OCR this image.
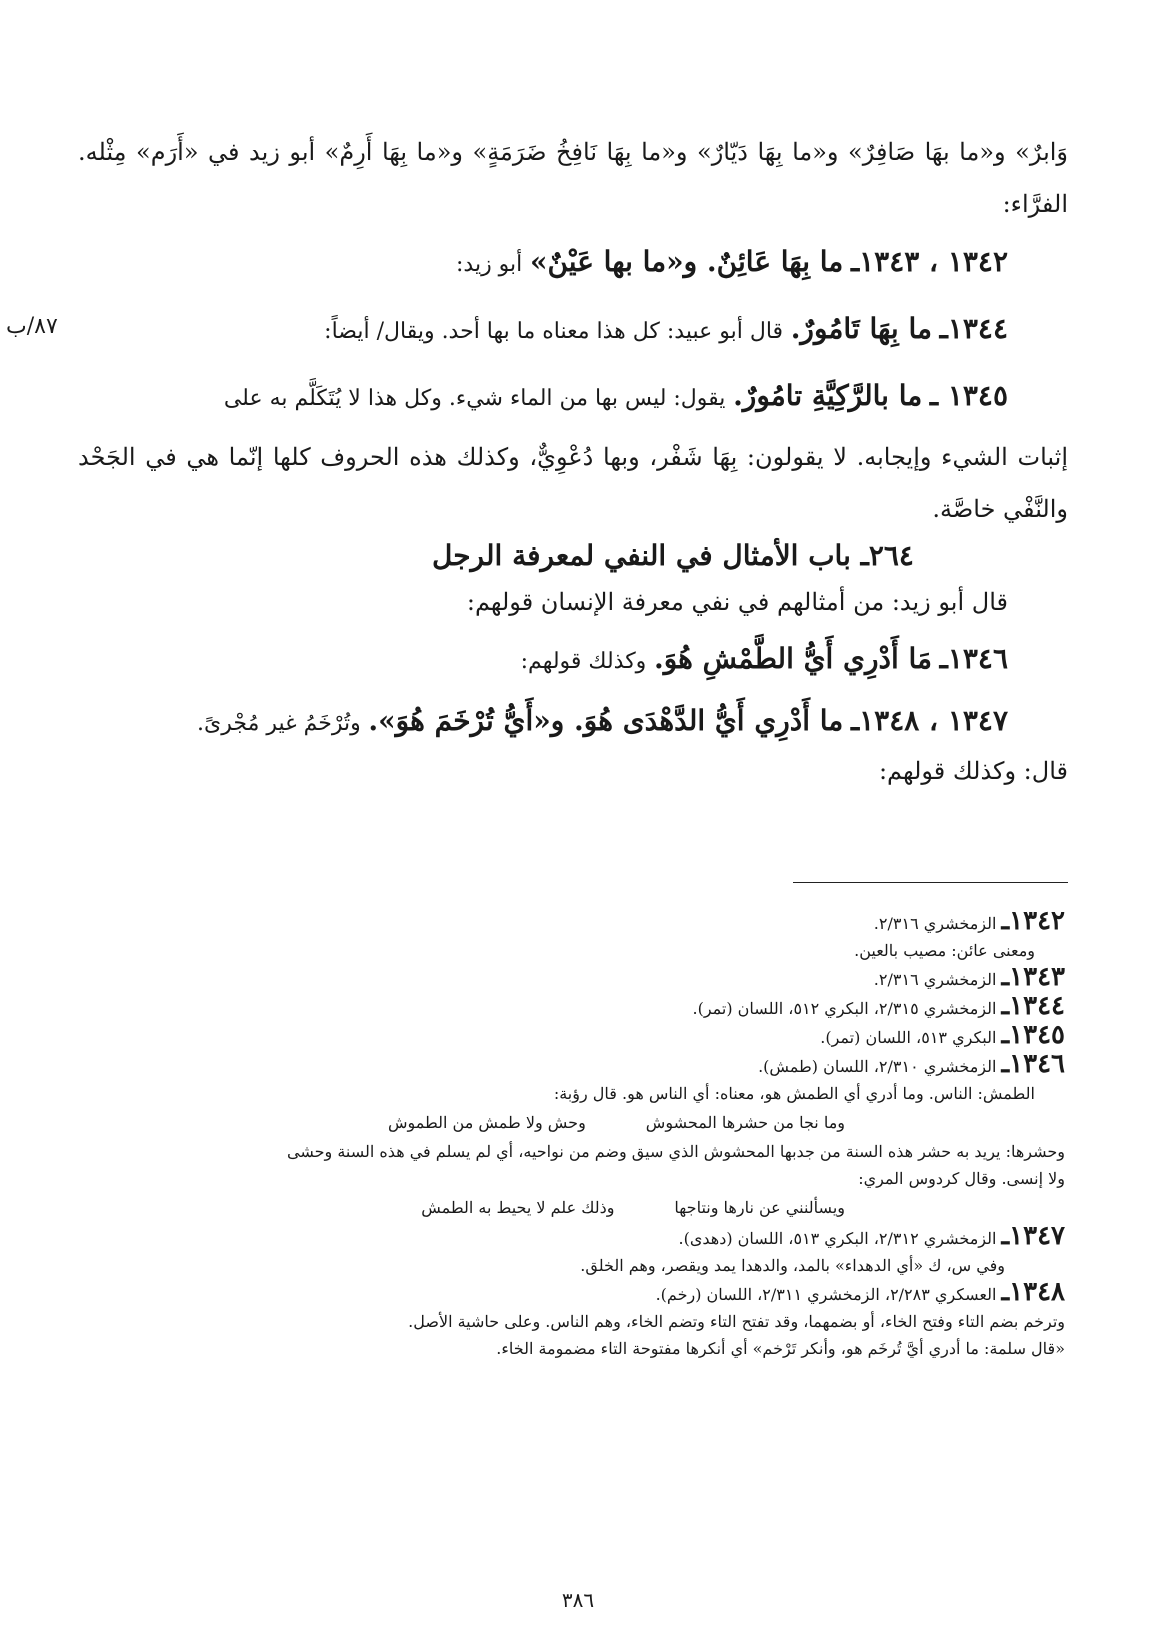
٨٧/ب

وَابرٌ» و«ما بهَا صَافِرٌ» و«ما بِهَا دَيّارٌ» و«ما بِهَا نَافِخُ ضَرَمَةٍ» و«ما بِهَا أَرِمٌ» أبو زيد في «أَرَم» مِثْله. الفرَّاء:

١٣٤٢ ، ١٣٤٣ـ ما بِهَا عَائِنٌ. و«ما بها عَيْنٌ» أبو زيد:

١٣٤٤ـ ما بِهَا تَامُورٌ. قال أبو عبيد: كل هذا معناه ما بها أحد. ويقال/ أيضاً:

١٣٤٥ ـ ما بالرَّكِيَّةِ تامُورٌ. يقول: ليس بها من الماء شيء. وكل هذا لا يُتَكَلَّم به على

إثبات الشيء وإيجابه. لا يقولون: بِهَا شَفْر، وبها دُعْوِيٌّ، وكذلك هذه الحروف كلها إنّما هي في الجَحْد والنَّفْي خاصَّة.

٢٦٤ـ باب الأمثال في النفي لمعرفة الرجل

قال أبو زيد: من أمثالهم في نفي معرفة الإنسان قولهم:

١٣٤٦ـ مَا أَدْرِي أَيُّ الطَّمْشِ هُوَ. وكذلك قولهم:

١٣٤٧ ، ١٣٤٨ـ ما أَدْرِي أَيُّ الدَّهْدَى هُوَ. و«أَيُّ تُرْخَمَ هُوَ». وتُرْخَمُ غير مُجْرىً.

قال: وكذلك قولهم:

١٣٤٢ـ الزمخشري ٢/٣١٦.

ومعنى عائن: مصيب بالعين.

١٣٤٣ـ الزمخشري ٢/٣١٦.

١٣٤٤ـ الزمخشري ٢/٣١٥، البكري ٥١٢، اللسان (تمر).

١٣٤٥ـ البكري ٥١٣، اللسان (تمر).

١٣٤٦ـ الزمخشري ٢/٣١٠، اللسان (طمش).

الطمش: الناس. وما أدري أي الطمش هو، معناه: أي الناس هو. قال رؤبة:

وما نجا من حشرها المحشوش
وحش ولا طمش من الطموش

وحشرها: يريد به حشر هذه السنة من جدبها المحشوش الذي سيق وضم من نواحيه، أي لم يسلم في هذه السنة وحشى

ولا إنسى. وقال كردوس المري:

ويسألنني عن نارها ونتاجها
وذلك علم لا يحيط به الطمش

١٣٤٧ـ الزمخشري ٢/٣١٢، البكري ٥١٣، اللسان (دهدى).

وفي س، ك «أي الدهداء» بالمد، والدهدا يمد ويقصر، وهم الخلق.

١٣٤٨ـ العسكري ٢/٢٨٣، الزمخشري ٢/٣١١، اللسان (رخم).

وترخم بضم التاء وفتح الخاء، أو بضمهما، وقد تفتح التاء وتضم الخاء، وهم الناس. وعلى حاشية الأصل.

«قال سلمة: ما أدري أيَّ تُرخَم هو، وأنكر تَرْخم» أي أنكرها مفتوحة التاء مضمومة الخاء.

٣٨٦
